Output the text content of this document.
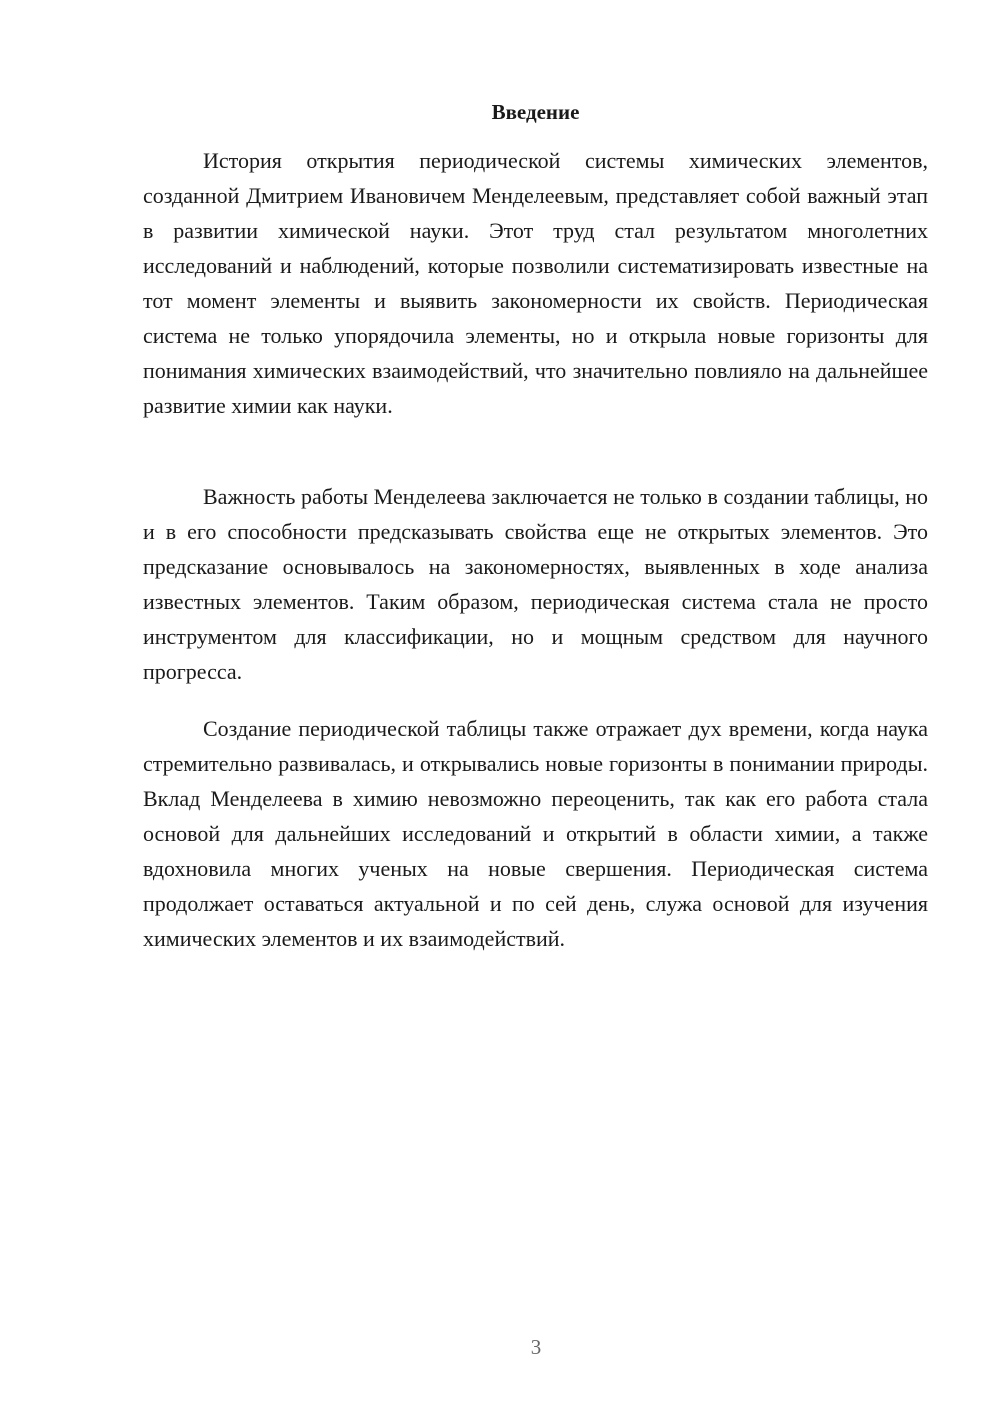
Введение

История открытия периодической системы химических элементов, созданной Дмитрием Ивановичем Менделеевым, представляет собой важный этап в развитии химической науки. Этот труд стал результатом многолетних исследований и наблюдений, которые позволили систематизировать известные на тот момент элементы и выявить закономерности их свойств. Периодическая система не только упорядочила элементы, но и открыла новые горизонты для понимания химических взаимодействий, что значительно повлияло на дальнейшее развитие химии как науки.

Важность работы Менделеева заключается не только в создании таблицы, но и в его способности предсказывать свойства еще не открытых элементов. Это предсказание основывалось на закономерностях, выявленных в ходе анализа известных элементов. Таким образом, периодическая система стала не просто инструментом для классификации, но и мощным средством для научного прогресса.

Создание периодической таблицы также отражает дух времени, когда наука стремительно развивалась, и открывались новые горизонты в понимании природы. Вклад Менделеева в химию невозможно переоценить, так как его работа стала основой для дальнейших исследований и открытий в области химии, а также вдохновила многих ученых на новые свершения. Периодическая система продолжает оставаться актуальной и по сей день, служа основой для изучения химических элементов и их взаимодействий.

3
